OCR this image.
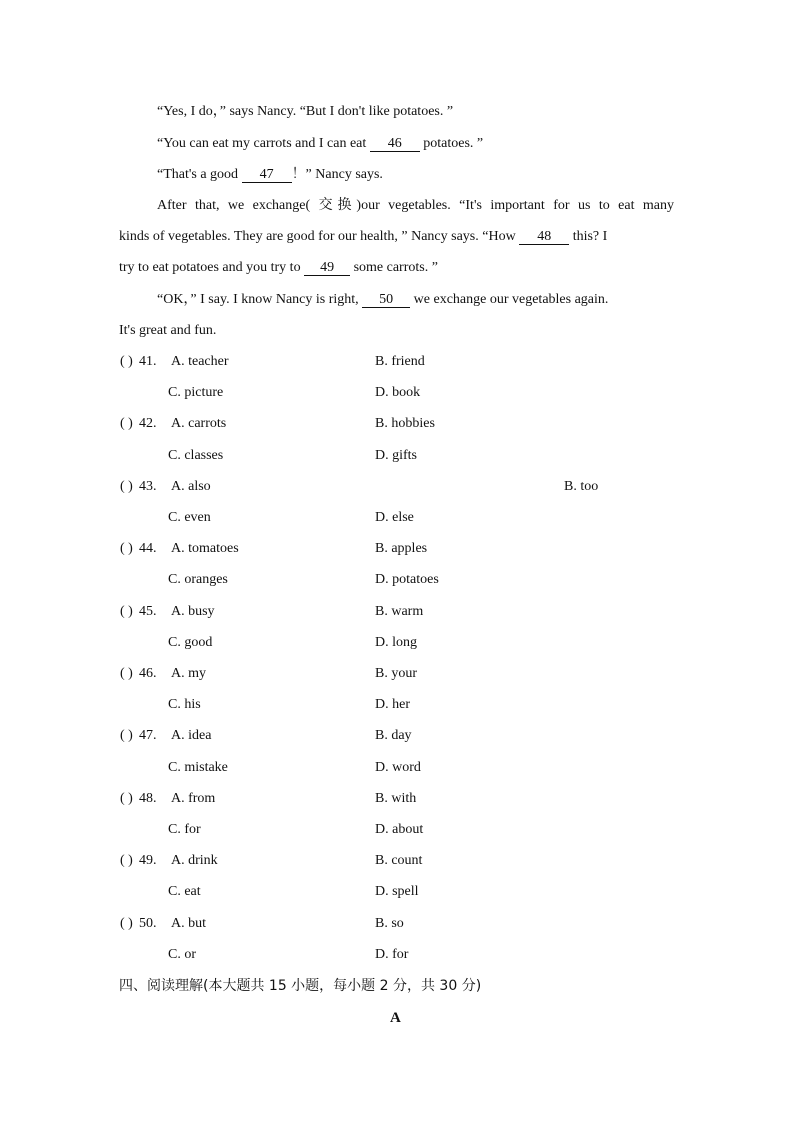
“Yes, I do，” says Nancy. “But I don't like potatoes. ”
“You can eat my carrots and I can eat 46 potatoes. ”
“That's a good 47 ！” Nancy says.
After that, we exchange( 交换)our vegetables. “It's important for us to eat many
kinds of vegetables. They are good for our health, ” Nancy says. “How 48 this? I
try to eat potatoes and you try to 49 some carrots. ”
“OK，” I say. I know Nancy is right, 50 we exchange our vegetables again.
It's great and fun.
( ) 41. A. teacher	B. friend
C. picture	D. book
( ) 42. A. carrots	B. hobbies
C. classes	D. gifts
( ) 43. A. also	B. too
C. even	D. else
( ) 44. A. tomatoes	B. apples
C. oranges	D. potatoes
( ) 45. A. busy	B. warm
C. good	D. long
( ) 46. A. my	B. your
C. his	D. her
( ) 47. A. idea	B. day
C. mistake	D. word
( ) 48. A. from	B. with
C. for	D. about
( ) 49. A. drink	B. count
C. eat	D. spell
( ) 50. A. but	B. so
C. or	D. for
四、阅读理解(本大题共 15 小题，每小题 2 分，共 30 分)
A
